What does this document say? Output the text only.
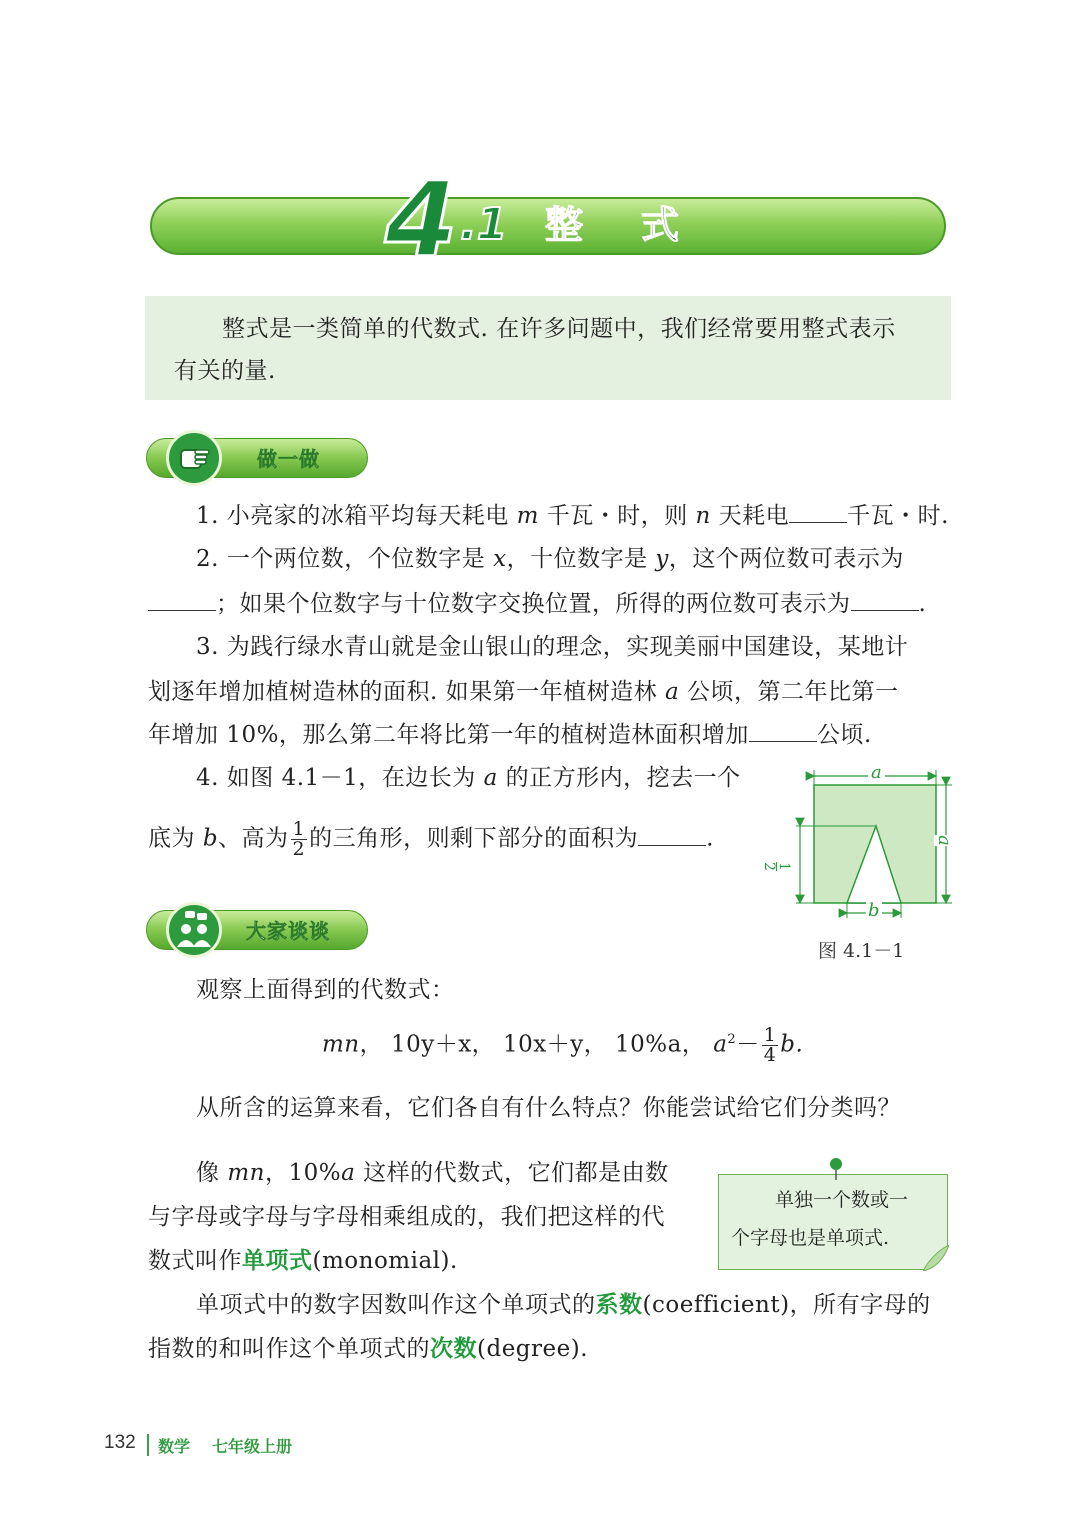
4 .1 整式
整式是一类简单的代数式. 在许多问题中，我们经常要用整式表示
有关的量.
做一做
1. 小亮家的冰箱平均每天耗电 m 千瓦・时，则 n 天耗电	千瓦・时.
2. 一个两位数，个位数字是 x，十位数字是 y，这个两位数可表示为
；如果个位数字与十位数字交换位置，所得的两位数可表示为	.
3. 为践行绿水青山就是金山银山的理念，实现美丽中国建设，某地计
划逐年增加植树造林的面积. 如果第一年植树造林 a 公顷，第二年比第一
年增加 10%，那么第二年将比第一年的植树造林面积增加	公顷.
4. 如图 4.1－1，在边长为 a 的正方形内，挖去一个
底为 b、高为 $\frac{1}{2}$ 的三角形，则剩下部分的面积为	.
a
a
b
1
2
图 4.1－1
大家谈谈
观察上面得到的代数式：
mn， 10y＋x， 10x＋y， 10%a， $a^2- \frac{1}{4} b$.
从所含的运算来看，它们各自有什么特点？你能尝试给它们分类吗？
像 mn，10%a 这样的代数式，它们都是由数
与字母或字母与字母相乘组成的，我们把这样的代
数式叫作单项式(monomial).
单项式中的数字因数叫作这个单项式的系数(coefficient)，所有字母的
指数的和叫作这个单项式的次数(degree).
单独一个数或一
个字母也是单项式.
132 数学 七年级上册
